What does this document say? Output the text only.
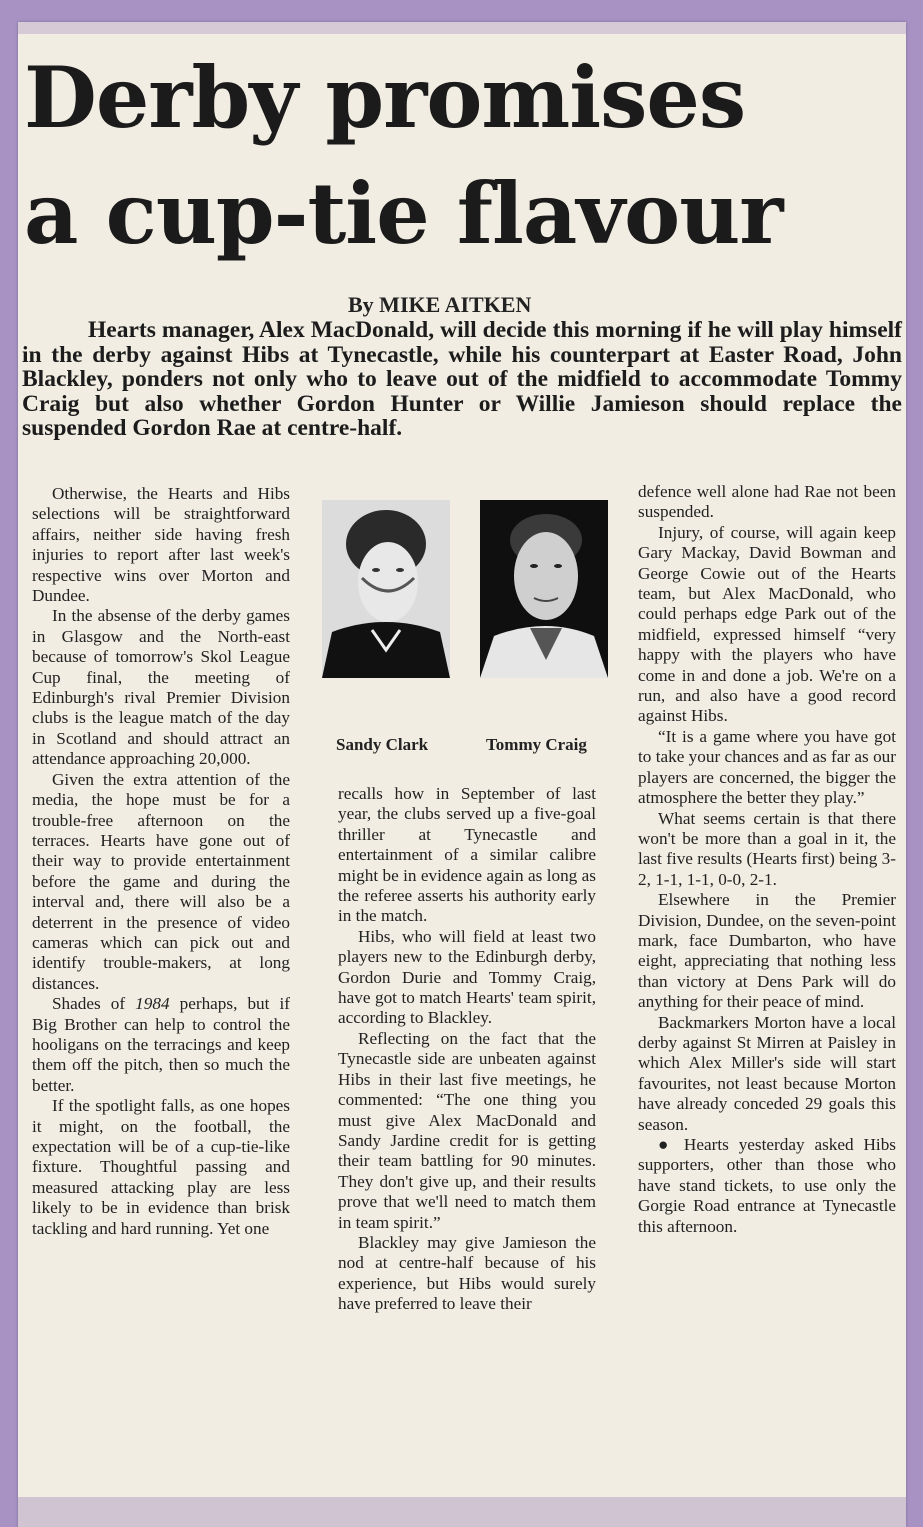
Derby promises
a cup-tie flavour
By MIKE AITKEN

Hearts manager, Alex MacDonald, will decide this morning if he will play himself in the derby against Hibs at Tynecastle, while his counterpart at Easter Road, John Blackley, ponders not only who to leave out of the midfield to accommodate Tommy Craig but also whether Gordon Hunter or Willie Jamieson should replace the suspended Gordon Rae at centre-half.

Otherwise, the Hearts and Hibs selections will be straightforward affairs, neither side having fresh injuries to report after last week's respective wins over Morton and Dundee.

In the absense of the derby games in Glasgow and the North-east because of tomorrow's Skol League Cup final, the meeting of Edinburgh's rival Premier Division clubs is the league match of the day in Scotland and should attract an attendance approaching 20,000.

Given the extra attention of the media, the hope must be for a trouble-free afternoon on the terraces. Hearts have gone out of their way to provide entertainment before the game and during the interval and, there will also be a deterrent in the presence of video cameras which can pick out and identify trouble-makers, at long distances.

Shades of 1984 perhaps, but if Big Brother can help to control the hooligans on the terracings and keep them off the pitch, then so much the better.

If the spotlight falls, as one hopes it might, on the football, the expectation will be of a cup-tie-like fixture. Thoughtful passing and measured attacking play are less likely to be in evidence than brisk tackling and hard running. Yet one

Sandy Clark	Tommy Craig

recalls how in September of last year, the clubs served up a five-goal thriller at Tynecastle and entertainment of a similar calibre might be in evidence again as long as the referee asserts his authority early in the match.

Hibs, who will field at least two players new to the Edinburgh derby, Gordon Durie and Tommy Craig, have got to match Hearts' team spirit, according to Blackley.

Reflecting on the fact that the Tynecastle side are unbeaten against Hibs in their last five meetings, he commented: “The one thing you must give Alex MacDonald and Sandy Jardine credit for is getting their team battling for 90 minutes. They don't give up, and their results prove that we'll need to match them in team spirit.”

Blackley may give Jamieson the nod at centre-half because of his experience, but Hibs would surely have preferred to leave their

defence well alone had Rae not been suspended.

Injury, of course, will again keep Gary Mackay, David Bowman and George Cowie out of the Hearts team, but Alex MacDonald, who could perhaps edge Park out of the midfield, expressed himself “very happy with the players who have come in and done a job. We're on a run, and also have a good record against Hibs.

“It is a game where you have got to take your chances and as far as our players are concerned, the bigger the atmosphere the better they play.”

What seems certain is that there won't be more than a goal in it, the last five results (Hearts first) being 3-2, 1-1, 1-1, 0-0, 2-1.

Elsewhere in the Premier Division, Dundee, on the seven-point mark, face Dumbarton, who have eight, appreciating that nothing less than victory at Dens Park will do anything for their peace of mind.

Backmarkers Morton have a local derby against St Mirren at Paisley in which Alex Miller's side will start favourites, not least because Morton have already conceded 29 goals this season.

● Hearts yesterday asked Hibs supporters, other than those who have stand tickets, to use only the Gorgie Road entrance at Tynecastle this afternoon.
